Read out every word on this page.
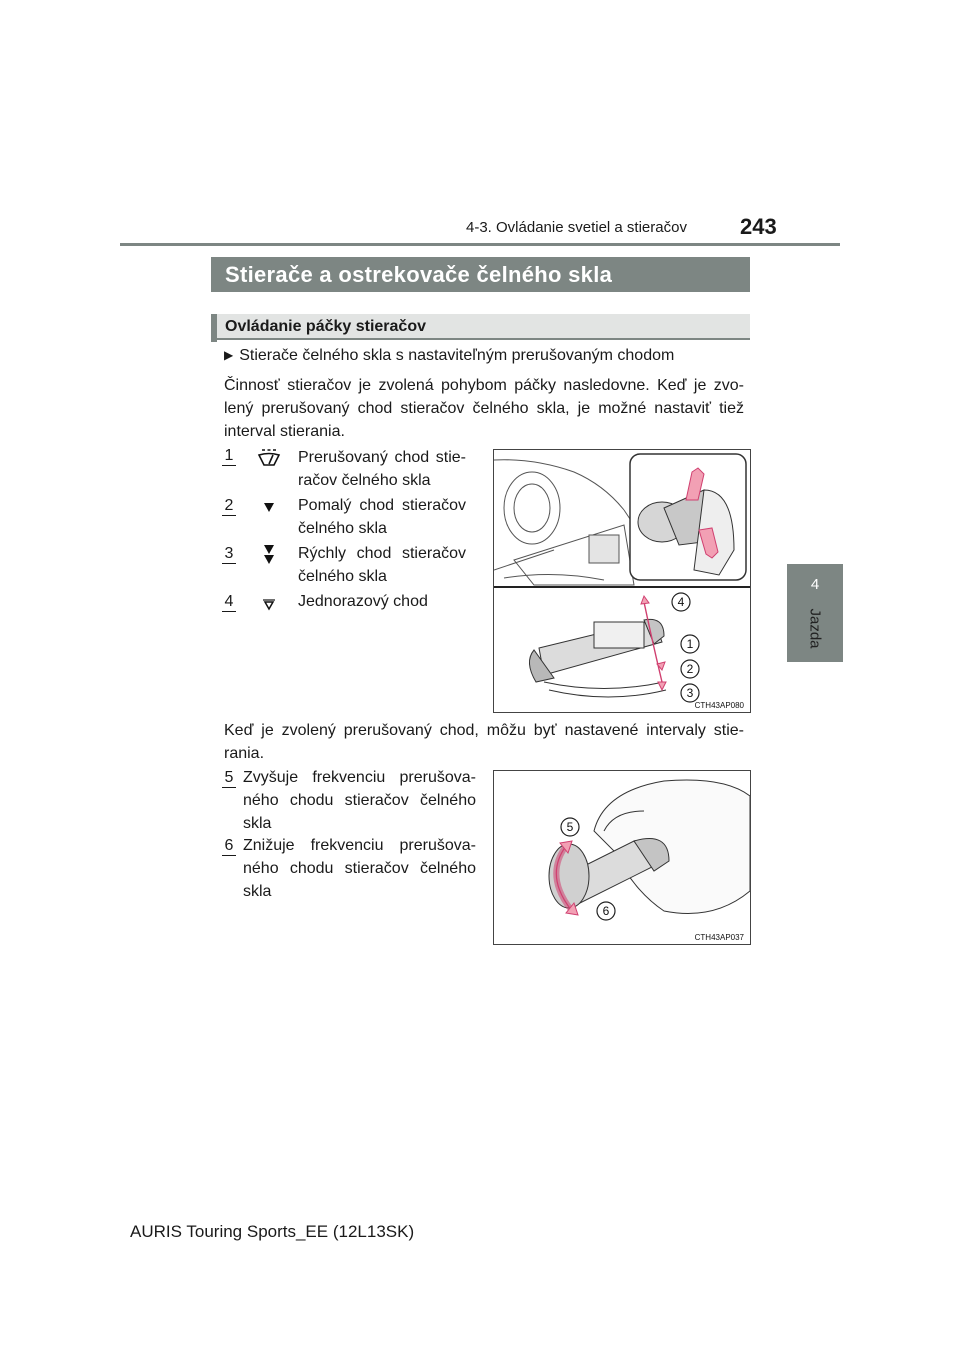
4-3. Ovládanie svetiel a stieračov 243
4
Jazda
Stierače a ostrekovače čelného skla
Ovládanie páčky stieračov
▶ Stierače čelného skla s nastaviteľným prerušovaným chodom
Činnosť stieračov je zvolená pohybom páčky nasledovne. Keď je zvo-lený prerušovaný chod stieračov čelného skla, je možné nastaviť tiež interval stierania.
1	Prerušovaný chod stie-račov čelného skla
2	Pomalý chod stieračov čelného skla
3	Rýchly chod stieračov čelného skla
4	Jednorazový chod	4
1
2
3
CTH43AP080
Keď je zvolený prerušovaný chod, môžu byť nastavené intervaly stie-rania.
5 Zvyšuje frekvenciu prerušova-ného chodu stieračov čelného skla
6 Znižuje frekvenciu prerušova-ného chodu stieračov čelného skla
5
6
CTH43AP037
AURIS Touring Sports_EE (12L13SK)
